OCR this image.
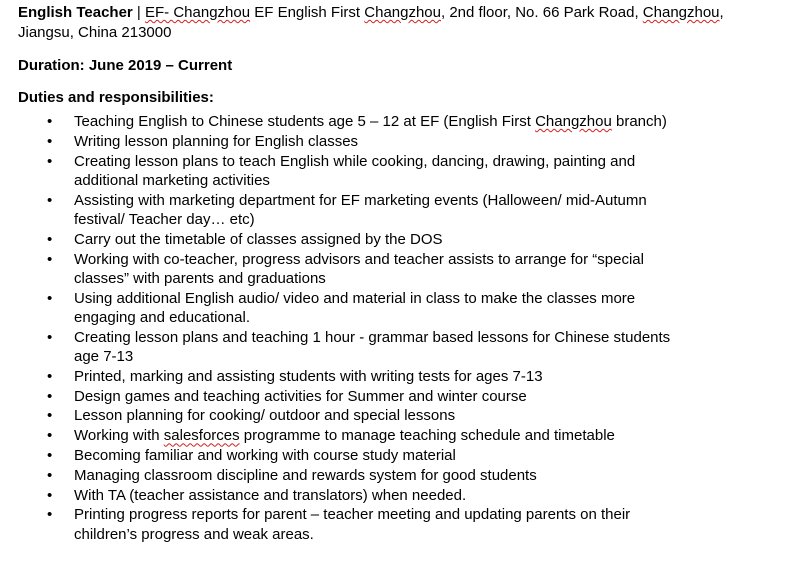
English Teacher | EF- Changzhou EF English First Changzhou, 2nd floor, No. 66 Park Road, Changzhou, Jiangsu, China 213000

Duration: June 2019 – Current

Duties and responsibilities:

• Teaching English to Chinese students age 5 – 12 at EF (English First Changzhou branch)
• Writing lesson planning for English classes
• Creating lesson plans to teach English while cooking, dancing, drawing, painting and additional marketing activities
• Assisting with marketing department for EF marketing events (Halloween/ mid-Autumn festival/ Teacher day… etc)
• Carry out the timetable of classes assigned by the DOS
• Working with co-teacher, progress advisors and teacher assists to arrange for “special classes” with parents and graduations
• Using additional English audio/ video and material in class to make the classes more engaging and educational.
• Creating lesson plans and teaching 1 hour - grammar based lessons for Chinese students age 7-13
• Printed, marking and assisting students with writing tests for ages 7-13
• Design games and teaching activities for Summer and winter course
• Lesson planning for cooking/ outdoor and special lessons
• Working with salesforces programme to manage teaching schedule and timetable
• Becoming familiar and working with course study material
• Managing classroom discipline and rewards system for good students
• With TA (teacher assistance and translators) when needed.
• Printing progress reports for parent – teacher meeting and updating parents on their children’s progress and weak areas.
